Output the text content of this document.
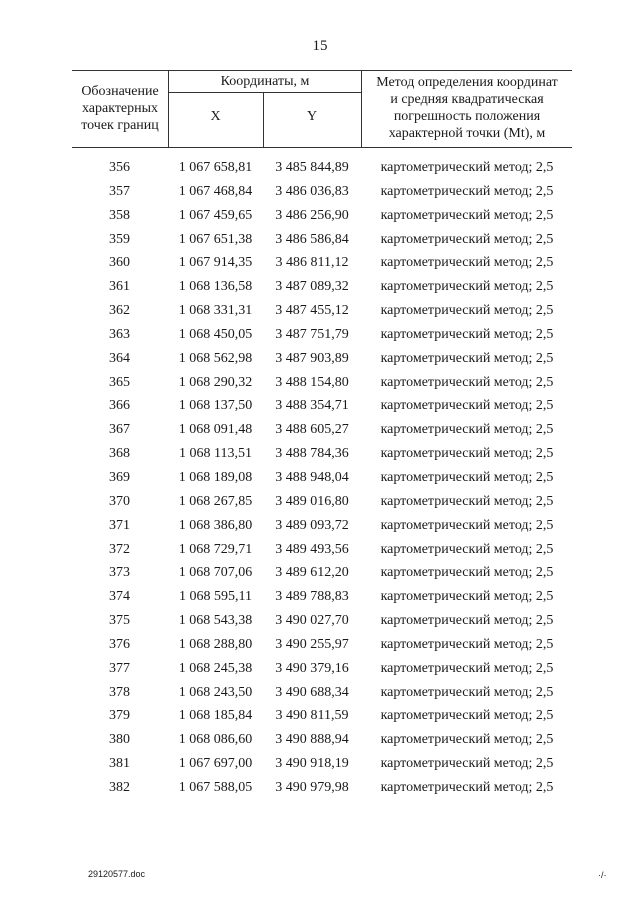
15
Обозначение
характерных
точек границ
Координаты, м
X	Y
Метод определения координат
и средняя квадратическая
погрешность положения
характерной точки (Mt), м
356	1 067 658,81	3 485 844,89	картометрический метод; 2,5
357	1 067 468,84	3 486 036,83	картометрический метод; 2,5
358	1 067 459,65	3 486 256,90	картометрический метод; 2,5
359	1 067 651,38	3 486 586,84	картометрический метод; 2,5
360	1 067 914,35	3 486 811,12	картометрический метод; 2,5
361	1 068 136,58	3 487 089,32	картометрический метод; 2,5
362	1 068 331,31	3 487 455,12	картометрический метод; 2,5
363	1 068 450,05	3 487 751,79	картометрический метод; 2,5
364	1 068 562,98	3 487 903,89	картометрический метод; 2,5
365	1 068 290,32	3 488 154,80	картометрический метод; 2,5
366	1 068 137,50	3 488 354,71	картометрический метод; 2,5
367	1 068 091,48	3 488 605,27	картометрический метод; 2,5
368	1 068 113,51	3 488 784,36	картометрический метод; 2,5
369	1 068 189,08	3 488 948,04	картометрический метод; 2,5
370	1 068 267,85	3 489 016,80	картометрический метод; 2,5
371	1 068 386,80	3 489 093,72	картометрический метод; 2,5
372	1 068 729,71	3 489 493,56	картометрический метод; 2,5
373	1 068 707,06	3 489 612,20	картометрический метод; 2,5
374	1 068 595,11	3 489 788,83	картометрический метод; 2,5
375	1 068 543,38	3 490 027,70	картометрический метод; 2,5
376	1 068 288,80	3 490 255,97	картометрический метод; 2,5
377	1 068 245,38	3 490 379,16	картометрический метод; 2,5
378	1 068 243,50	3 490 688,34	картометрический метод; 2,5
379	1 068 185,84	3 490 811,59	картометрический метод; 2,5
380	1 068 086,60	3 490 888,94	картометрический метод; 2,5
381	1 067 697,00	3 490 918,19	картометрический метод; 2,5
382	1 067 588,05	3 490 979,98	картометрический метод; 2,5
29120577.doc	·/·
